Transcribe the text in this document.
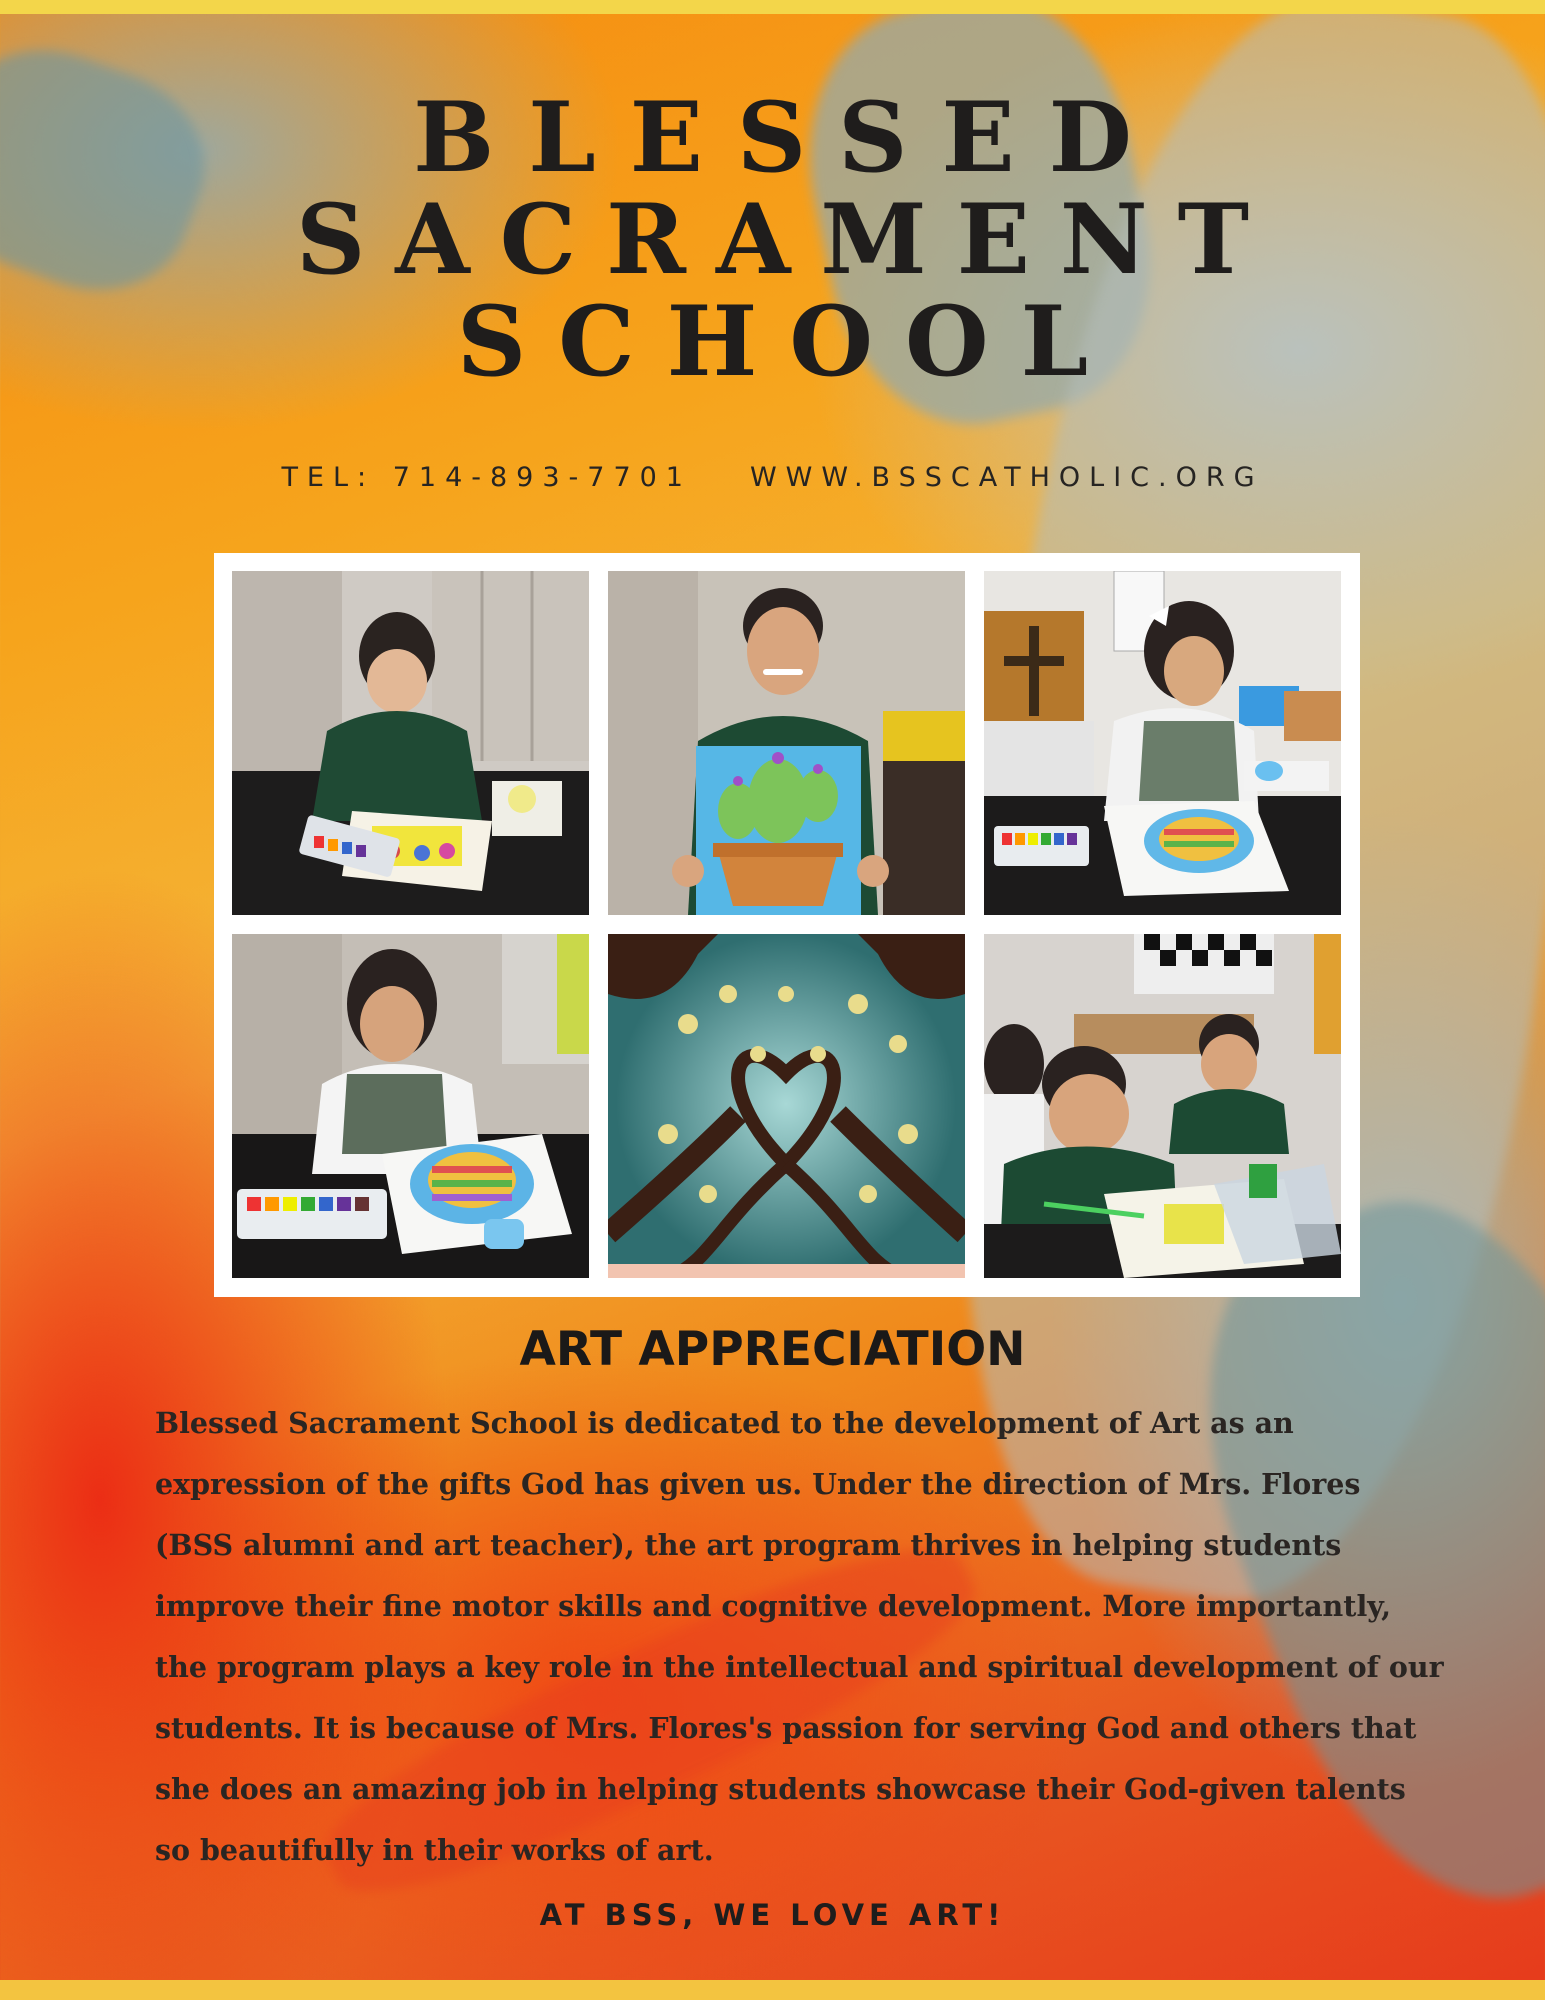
BLESSED
SACRAMENT
SCHOOL
TEL: 714-893-7701 WWW.BSSCATHOLIC.ORG
ART APPRECIATION

Blessed Sacrament School is dedicated to the development of Art as an expression of the gifts God has given us. Under the direction of Mrs. Flores (BSS alumni and art teacher), the art program thrives in helping students improve their fine motor skills and cognitive development. More importantly, the program plays a key role in the intellectual and spiritual development of our students. It is because of Mrs. Flores's passion for serving God and others that she does an amazing job in helping students showcase their God-given talents so beautifully in their works of art.

AT BSS, WE LOVE ART!
